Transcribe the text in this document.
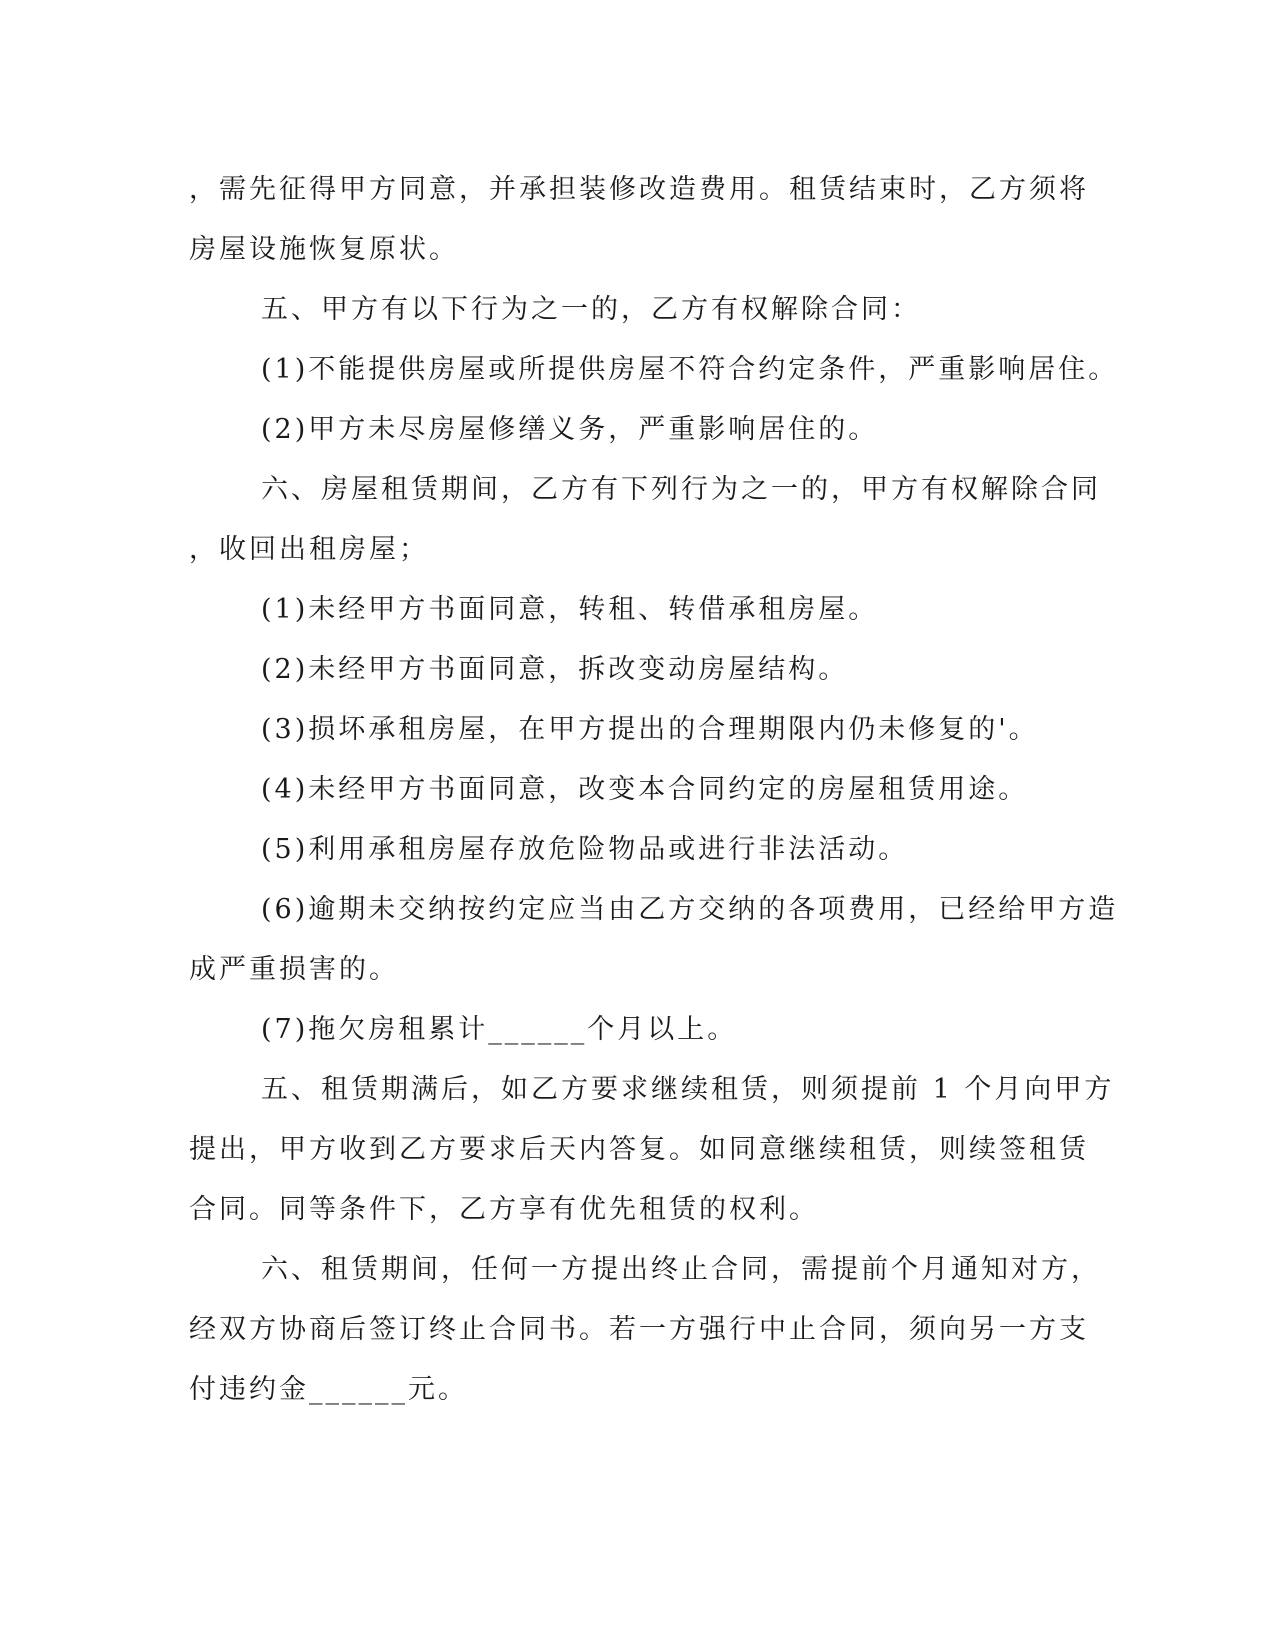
，需先征得甲方同意，并承担装修改造费用。租赁结束时，乙方须将
房屋设施恢复原状。
五、甲方有以下行为之一的，乙方有权解除合同：
(1)不能提供房屋或所提供房屋不符合约定条件，严重影响居住。
(2)甲方未尽房屋修缮义务，严重影响居住的。
六、房屋租赁期间，乙方有下列行为之一的，甲方有权解除合同
，收回出租房屋；
(1)未经甲方书面同意，转租、转借承租房屋。
(2)未经甲方书面同意，拆改变动房屋结构。
(3)损坏承租房屋，在甲方提出的合理期限内仍未修复的'。
(4)未经甲方书面同意，改变本合同约定的房屋租赁用途。
(5)利用承租房屋存放危险物品或进行非法活动。
(6)逾期未交纳按约定应当由乙方交纳的各项费用，已经给甲方造
成严重损害的。
(7)拖欠房租累计______个月以上。
五、租赁期满后，如乙方要求继续租赁，则须提前 1 个月向甲方
提出，甲方收到乙方要求后天内答复。如同意继续租赁，则续签租赁
合同。同等条件下，乙方享有优先租赁的权利。
六、租赁期间，任何一方提出终止合同，需提前个月通知对方，
经双方协商后签订终止合同书。若一方强行中止合同，须向另一方支
付违约金______元。
